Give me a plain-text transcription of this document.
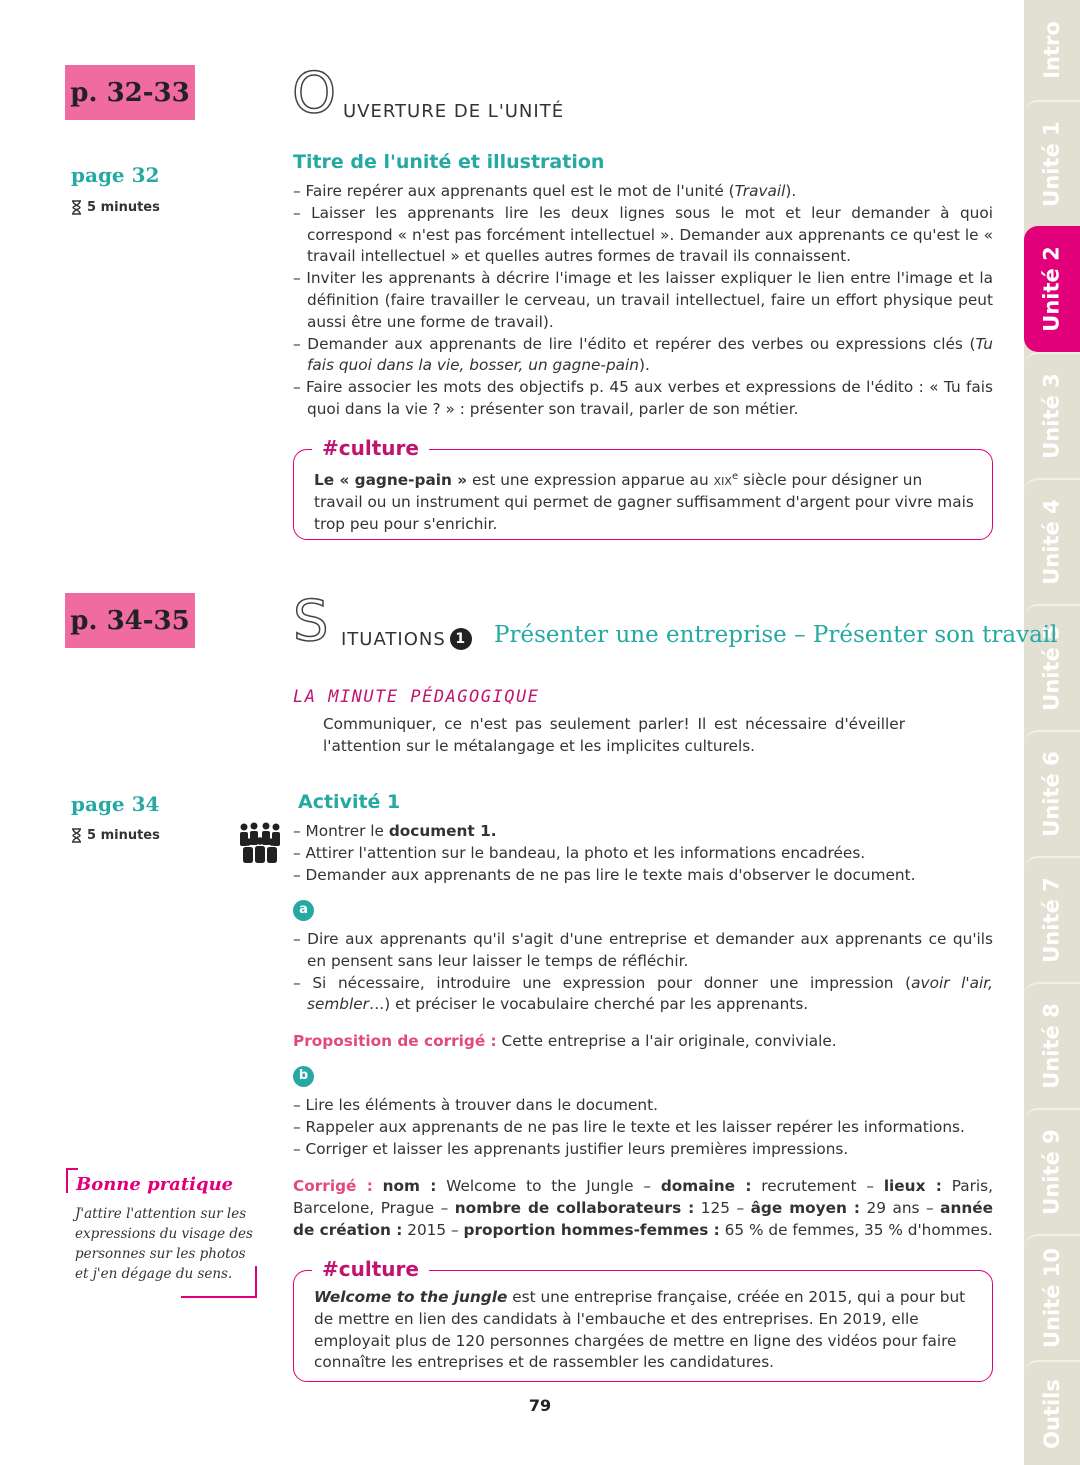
Intro
Unité 1
Unité 2
Unité 3
Unité 4
Unité 5
Unité 6
Unité 7
Unité 8
Unité 9
Unité 10
Outils
p. 32-33
page 32
5 minutes
O UVERTURE DE L'UNITÉ
Titre de l'unité et illustration
– Faire repérer aux apprenants quel est le mot de l'unité (Travail).
– Laisser les apprenants lire les deux lignes sous le mot et leur demander à quoi correspond « n'est pas forcément intellectuel ». Demander aux apprenants ce qu'est le « travail intellectuel » et quelles autres formes de travail ils connaissent.
– Inviter les apprenants à décrire l'image et les laisser expliquer le lien entre l'image et la définition (faire travailler le cerveau, un travail intellectuel, faire un effort physique peut aussi être une forme de travail).
– Demander aux apprenants de lire l'édito et repérer des verbes ou expressions clés (Tu fais quoi dans la vie, bosser, un gagne-pain).
– Faire associer les mots des objectifs p. 45 aux verbes et expressions de l'édito : « Tu fais quoi dans la vie ? » : présenter son travail, parler de son métier.
#culture
Le « gagne-pain » est une expression apparue au xix$^e$ siècle pour désigner un travail ou un instrument qui permet de gagner suffisamment d'argent pour vivre mais trop peu pour s'enrichir.
p. 34-35 S ITUATIONS 1 Présenter une entreprise – Présenter son travail
LA MINUTE PÉDAGOGIQUE
Communiquer, ce n'est pas seulement parler! Il est nécessaire d'éveiller l'attention sur le métalangage et les implicites culturels.
page 34
5 minutes
Activité 1
– Montrer le document 1.
– Attirer l'attention sur le bandeau, la photo et les informations encadrées.
– Demander aux apprenants de ne pas lire le texte mais d'observer le document.
a
– Dire aux apprenants qu'il s'agit d'une entreprise et demander aux apprenants ce qu'ils en pensent sans leur laisser le temps de réfléchir.
– Si nécessaire, introduire une expression pour donner une impression (avoir l'air, sembler…) et préciser le vocabulaire cherché par les apprenants.
Proposition de corrigé : Cette entreprise a l'air originale, conviviale.
b
– Lire les éléments à trouver dans le document.
– Rappeler aux apprenants de ne pas lire le texte et les laisser repérer les informations.
– Corriger et laisser les apprenants justifier leurs premières impressions.
Corrigé : nom : Welcome to the Jungle – domaine : recrutement – lieux : Paris, Barcelone, Prague – nombre de collaborateurs : 125 – âge moyen : 29 ans – année de création : 2015 – proportion hommes-femmes : 65 % de femmes, 35 % d'hommes.
#culture
Welcome to the jungle est une entreprise française, créée en 2015, qui a pour but de mettre en lien des candidats à l'embauche et des entreprises. En 2019, elle employait plus de 120 personnes chargées de mettre en ligne des vidéos pour faire connaître les entreprises et de rassembler les candidatures.
Bonne pratique
J'attire l'attention sur les expressions du visage des personnes sur les photos et j'en dégage du sens.
79
